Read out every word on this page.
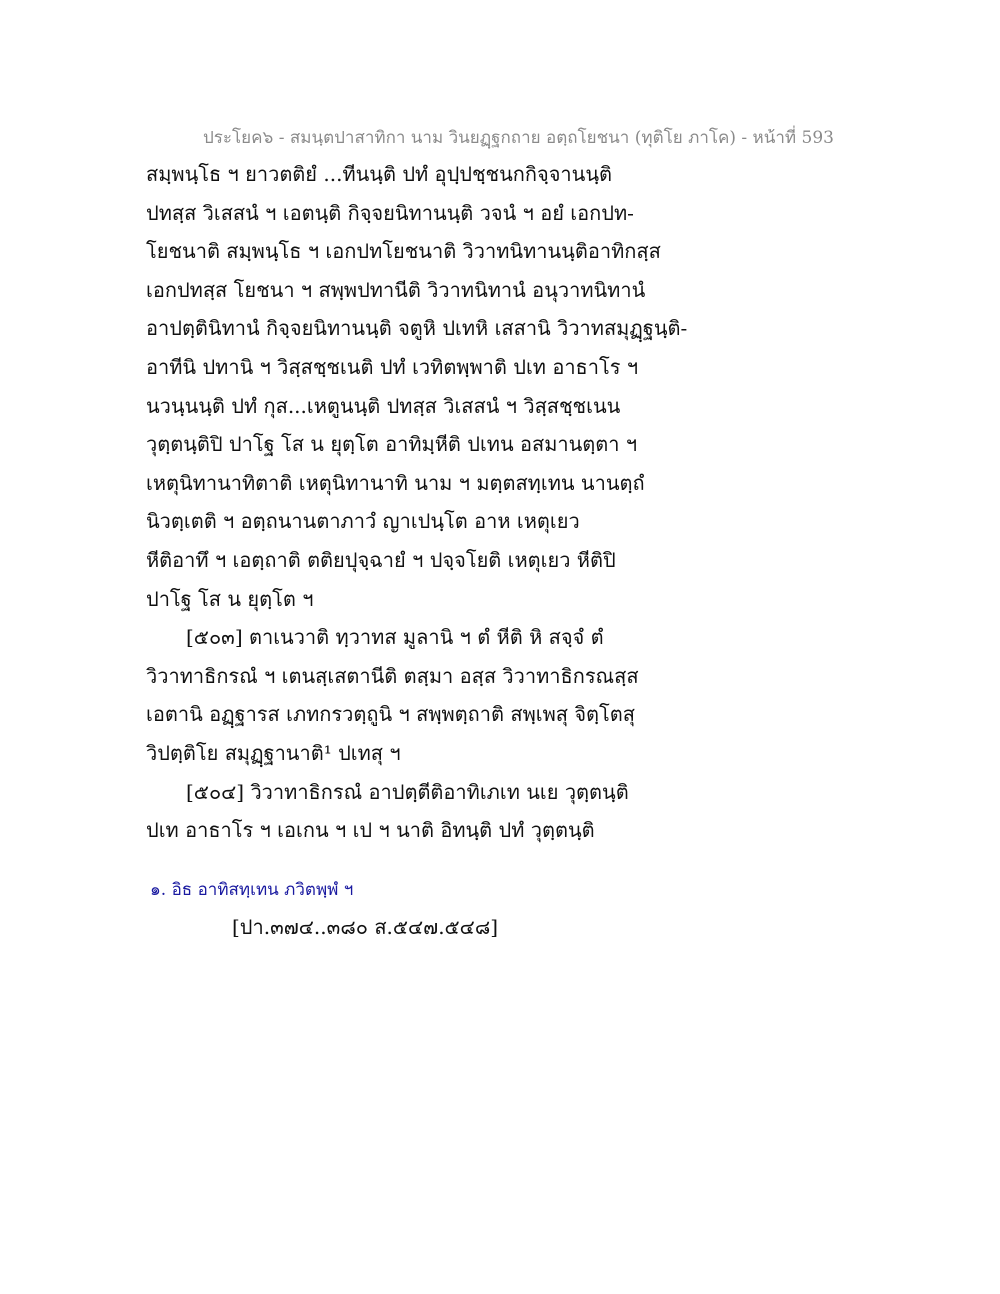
ประโยค๖ - สมนฺตปาสาทิกา นาม วินยฏฺฐกถาย อตฺถโยชนา (ทุติโย ภาโค) - หน้าที่ 593
สมฺพนฺโธ ฯ ยาวตติยํ ...ทีนนฺติ ปทํ อุปฺปชฺชนกกิจฺจานนฺติ
ปทสฺส วิเสสนํ ฯ เอตนฺติ กิจฺจยนิทานนฺติ วจนํ ฯ อยํ เอกปท-
โยชนาติ สมฺพนฺโธ ฯ เอกปทโยชนาติ วิวาทนิทานนฺติอาทิกสฺส
เอกปทสฺส โยชนา ฯ สพฺพปทานีติ วิวาทนิทานํ อนุวาทนิทานํ
อาปตฺตินิทานํ กิจฺจยนิทานนฺติ จตูหิ ปเทหิ เสสานิ วิวาทสมุฏฺฐนฺติ-
อาทีนิ ปทานิ ฯ วิสฺสชฺชเนติ ปทํ เวทิตพฺพาติ ปเท อาธาโร ฯ
นวนฺนนฺติ ปทํ กุส...เหตูนนฺติ ปทสฺส วิเสสนํ ฯ วิสฺสชฺชเนน
วุตฺตนฺติปิ ปาโฐ โส น ยุตฺโต อาทิมฺหีติ ปเทน อสมานตฺตา ฯ
เหตุนิทานาทิตาติ เหตุนิทานาทิ นาม ฯ มตฺตสทฺเทน นานตฺถํ
นิวตฺเตติ ฯ อตฺถนานตาภาวํ ญาเปนฺโต อาห เหตุเยว
หีติอาทึ ฯ เอตฺถาติ ตติยปุจฺฉายํ ฯ ปจฺจโยติ เหตุเยว หีติปิ
ปาโฐ โส น ยุตฺโต ฯ
[๕๐๓] ตาเนวาติ ทฺวาทส มูลานิ ฯ ตํ หีติ หิ สจฺจํ ตํ
วิวาทาธิกรณํ ฯ เตนสฺเสตานีติ ตสฺมา อสฺส วิวาทาธิกรณสฺส
เอตานิ อฏฺฐารส เภทกรวตฺถูนิ ฯ สพฺพตฺถาติ สพฺเพสุ จิตฺโตสุ
วิปตฺติโย สมุฏฺฐานาติ¹ ปเทสุ ฯ
[๕๐๔] วิวาทาธิกรณํ อาปตฺตีติอาทิเภเท นเย วุตฺตนฺติ
ปเท อาธาโร ฯ เอเกน ฯ เป ฯ นาติ อิทนฺติ ปทํ วุตฺตนฺติ
๑. อิธ อาทิสทฺเทน ภวิตพฺพํ ฯ
[ปา.๓๗๔..๓๘๐ ส.๕๔๗.๕๔๘]
